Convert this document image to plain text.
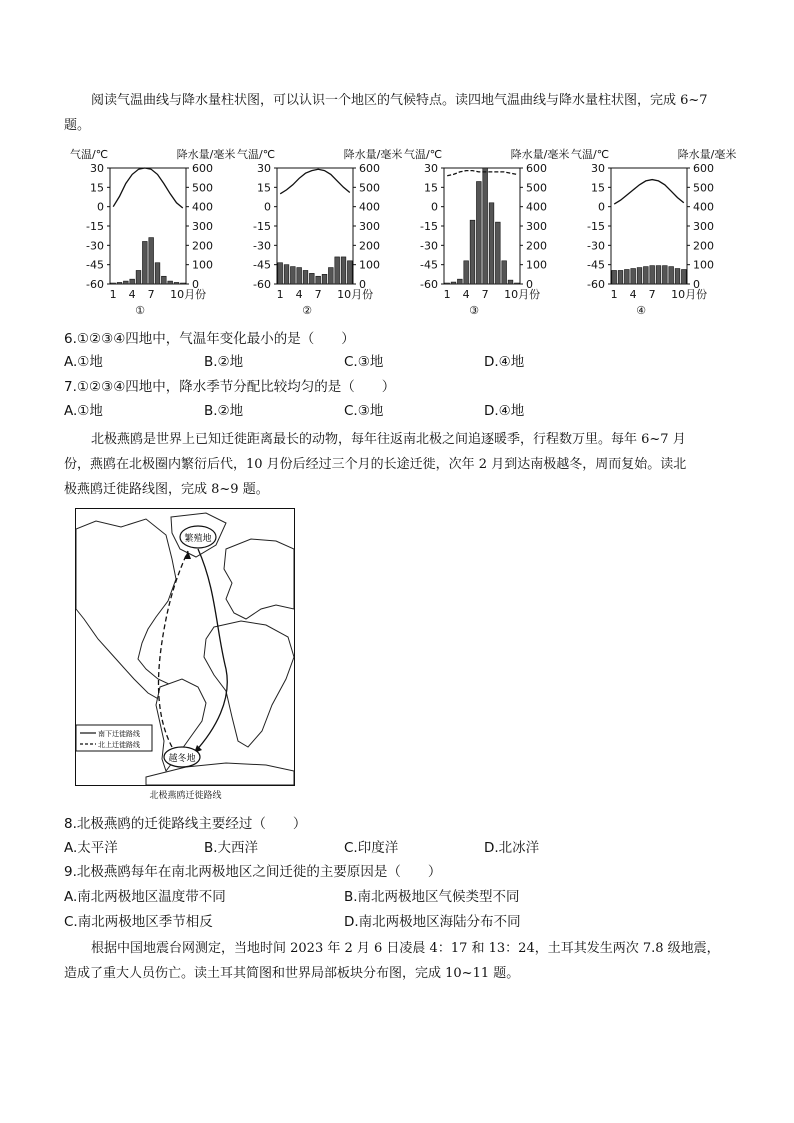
阅读气温曲线与降水量柱状图，可以认识一个地区的气候特点。读四地气温曲线与降水量柱状图，完成 6~7
题。
气温/℃	降水量/毫米
30
15
0
-15
-30
-45
-60
600
500
400
300
200
100
0
1 4 7 10月份
①
气温/℃	降水量/毫米
30
15
0
-15
-30
-45
-60
600
500
400
300
200
100
0
1 4 7 10月份
②
气温/℃	降水量/毫米
30
15
0
-15
-30
-45
-60
600
500
400
300
200
100
0
1 4 7 10月份
③
气温/℃	降水量/毫米
30
15
0
-15
-30
-45
-60
600
500
400
300
200
100
0
1 4 7 10月份
④
6.①②③④四地中，气温年变化最小的是（　　）
A.①地	B.②地	C.③地	D.④地
7.①②③④四地中，降水季节分配比较均匀的是（　　）
A.①地	B.②地	C.③地	D.④地
北极燕鸥是世界上已知迁徙距离最长的动物，每年往返南北极之间追逐暖季，行程数万里。每年 6~7 月
份，燕鸥在北极圈内繁衍后代，10 月份后经过三个月的长途迁徙，次年 2 月到达南极越冬，周而复始。读北
极燕鸥迁徙路线图，完成 8~9 题。
繁殖地
越冬地
南下迁徙路线
北上迁徙路线
北极燕鸥迁徙路线
8.北极燕鸥的迁徙路线主要经过（　　）
A.太平洋	B.大西洋	C.印度洋	D.北冰洋
9.北极燕鸥每年在南北两极地区之间迁徙的主要原因是（　　）
A.南北两极地区温度带不同	B.南北两极地区气候类型不同
C.南北两极地区季节相反	D.南北两极地区海陆分布不同
根据中国地震台网测定，当地时间 2023 年 2 月 6 日凌晨 4：17 和 13：24，土耳其发生两次 7.8 级地震，
造成了重大人员伤亡。读土耳其简图和世界局部板块分布图，完成 10~11 题。
